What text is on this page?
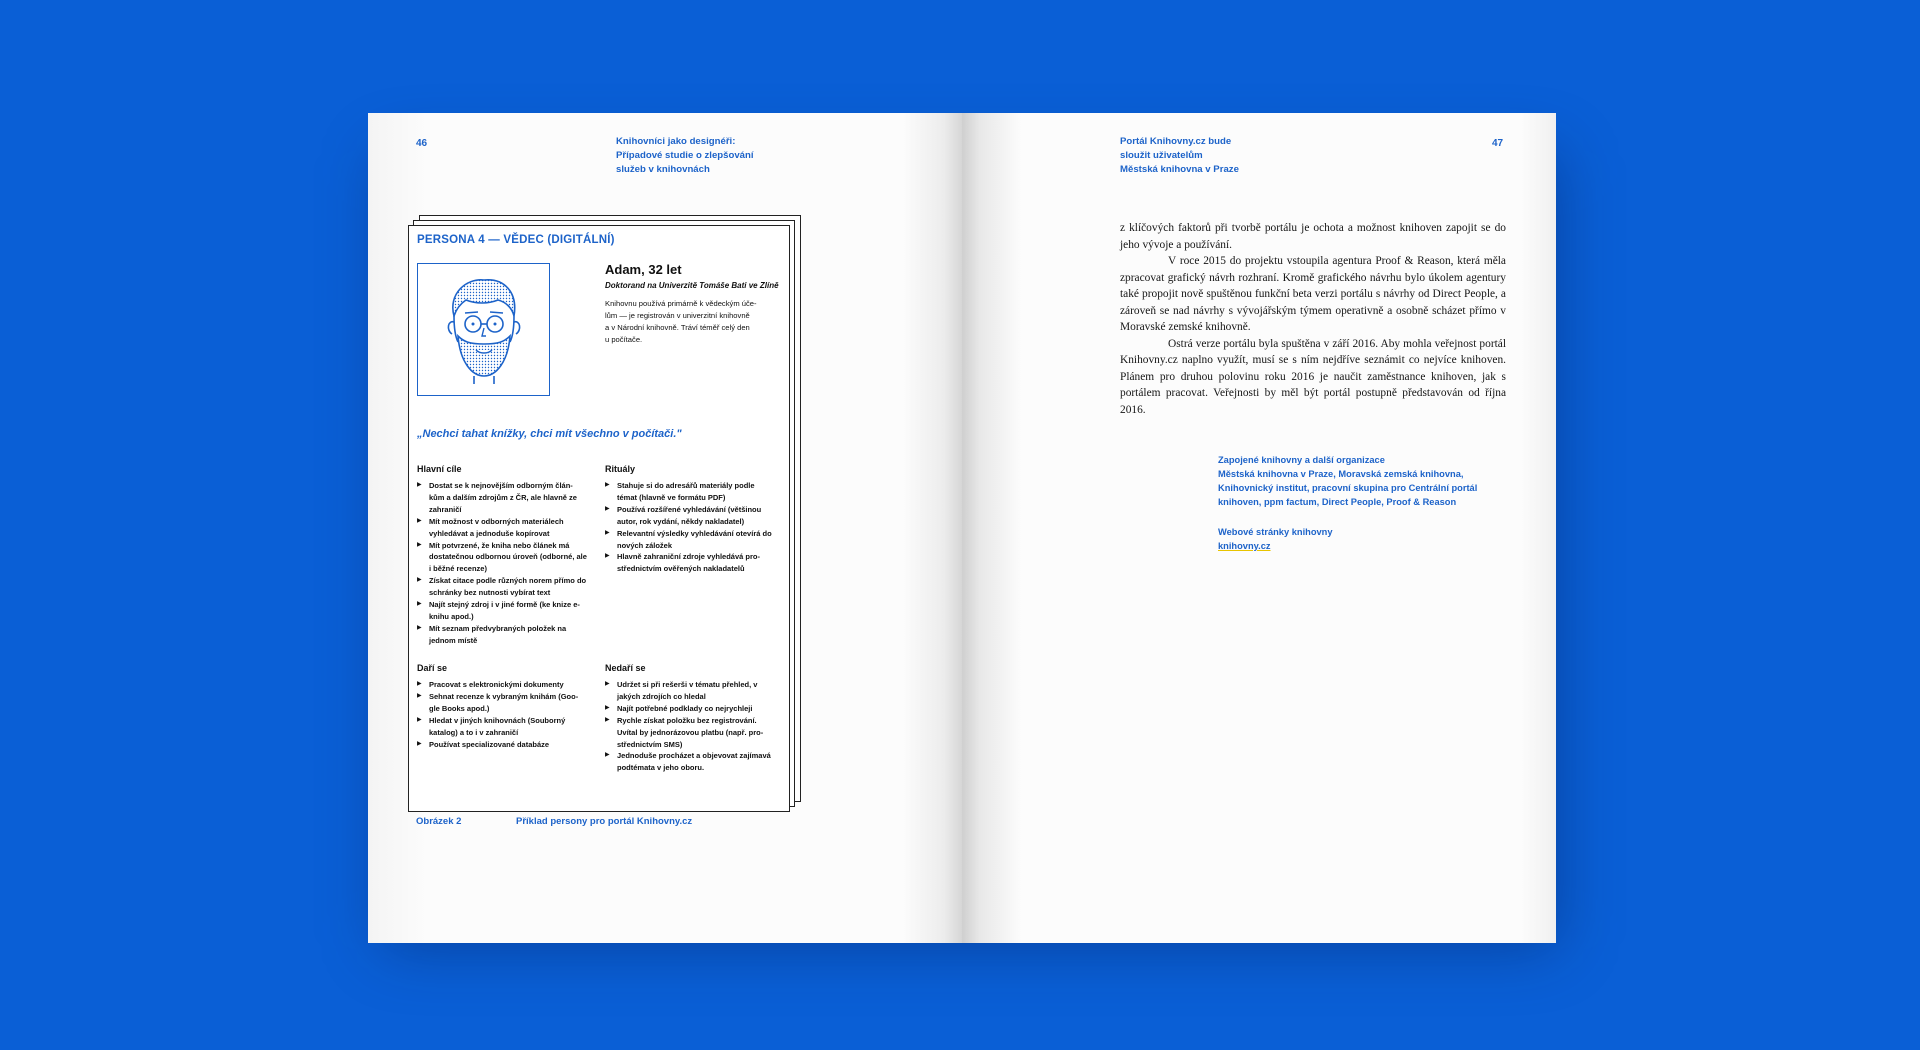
46	Knihovníci jako designéři:
Případové studie o zlepšování
služeb v knihovnách
PERSONA 4 — VĚDEC (DIGITÁLNÍ)
Adam, 32 let
Doktorand na Univerzitě Tomáše Bati ve Zlíně
Knihovnu používá primárně k vědeckým úče-
lům — je registrován v univerzitní knihovně
a v Národní knihovně. Tráví téměř celý den
u počítače.
„Nechci tahat knížky, chci mít všechno v počítači."
Hlavní cíle
▶ Dostat se k nejnovějším odborným člán-kům a dalším zdrojům z ČR, ale hlavně ze zahraničí
▶ Mít možnost v odborných materiálech vyhledávat a jednoduše kopírovat
▶ Mít potvrzené, že kniha nebo článek má dostatečnou odbornou úroveň (odborné, ale i běžné recenze)
▶ Získat citace podle různých norem přímo do schránky bez nutnosti vybírat text
▶ Najít stejný zdroj i v jiné formě (ke knize e-knihu apod.)
▶ Mít seznam předvybraných položek na jednom místě
Rituály
▶ Stahuje si do adresářů materiály podle témat (hlavně ve formátu PDF)
▶ Používá rozšířené vyhledávání (většinou autor, rok vydání, někdy nakladatel)
▶ Relevantní výsledky vyhledávání otevírá do nových záložek
▶ Hlavně zahraniční zdroje vyhledává pro-střednictvím ověřených nakladatelů
Daří se
▶ Pracovat s elektronickými dokumenty
▶ Sehnat recenze k vybraným knihám (Goo-gle Books apod.)
▶ Hledat v jiných knihovnách (Souborný katalog) a to i v zahraničí
▶ Používat specializované databáze
Nedaří se
▶ Udržet si při rešerši v tématu přehled, v jakých zdrojích co hledal
▶ Najít potřebné podklady co nejrychleji
▶ Rychle získat položku bez registrování. Uvítal by jednorázovou platbu (např. pro-střednictvím SMS)
▶ Jednoduše procházet a objevovat zajímavá podtémata v jeho oboru.
Obrázek 2	Příklad persony pro portál Knihovny.cz
Portál Knihovny.cz bude
sloužit uživatelům
Městská knihovna v Praze
47

z klíčových faktorů při tvorbě portálu je ochota a možnost knihoven zapojit se do jeho vývoje a používání.

V roce 2015 do projektu vstoupila agentura Proof & Reason, která měla zpracovat grafický návrh rozhraní. Kromě grafického návrhu bylo úkolem agentury také propojit nově spuštěnou funkční beta verzi portálu s návrhy od Direct People, a zároveň se nad návrhy s vývojářským týmem operativně a osobně scházet přímo v Moravské zemské knihovně.

Ostrá verze portálu byla spuštěna v září 2016. Aby mohla veřejnost portál Knihovny.cz naplno využít, musí se s ním nejdříve seznámit co nejvíce knihoven. Plánem pro druhou polovinu roku 2016 je naučit zaměstnance knihoven, jak s portálem pracovat. Veřejnosti by měl být portál postupně představován od října 2016.

Zapojené knihovny a další organizace
Městská knihovna v Praze, Moravská zemská knihovna, Knihovnický institut, pracovní skupina pro Centrální portál knihoven, ppm factum, Direct People, Proof & Reason
Webové stránky knihovny
knihovny.cz
